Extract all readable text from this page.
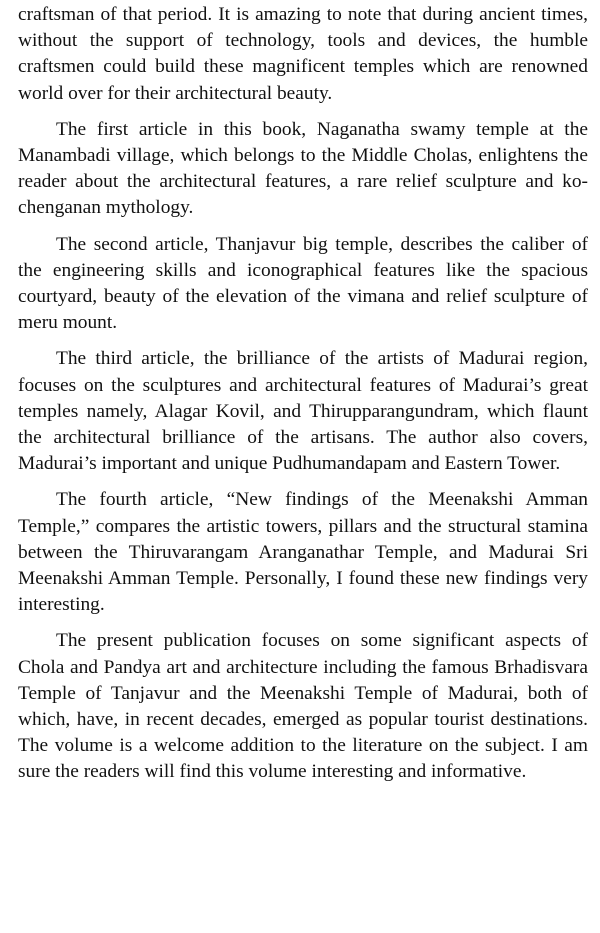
craftsman of that period. It is amazing to note that during ancient times, without the support of technology, tools and devices, the humble craftsmen could build these magnificent temples which are renowned world over for their architectural beauty.

The first article in this book, Naganatha swamy temple at the Manambadi village, which belongs to the Middle Cholas, enlightens the reader about the architectural features, a rare relief sculpture and ko-chenganan mythology.

The second article, Thanjavur big temple, describes the caliber of the engineering skills and iconographical features like the spacious courtyard, beauty of the elevation of the vimana and relief sculpture of meru mount.

The third article, the brilliance of the artists of Madurai region, focuses on the sculptures and architectural features of Madurai’s great temples namely, Alagar Kovil, and Thirupparangundram, which flaunt the architectural brilliance of the artisans. The author also covers, Madurai’s important and unique Pudhumandapam and Eastern Tower.

The fourth article, “New findings of the Meenakshi Amman Temple,” compares the artistic towers, pillars and the structural stamina between the Thiruvarangam Aranganathar Temple, and Madurai Sri Meenakshi Amman Temple. Personally, I found these new findings very interesting.

The present publication focuses on some significant aspects of Chola and Pandya art and architecture including the famous Brhadisvara Temple of Tanjavur and the Meenakshi Temple of Madurai, both of which, have, in recent decades, emerged as popular tourist destinations. The volume is a welcome addition to the literature on the subject. I am sure the readers will find this volume interesting and informative.
